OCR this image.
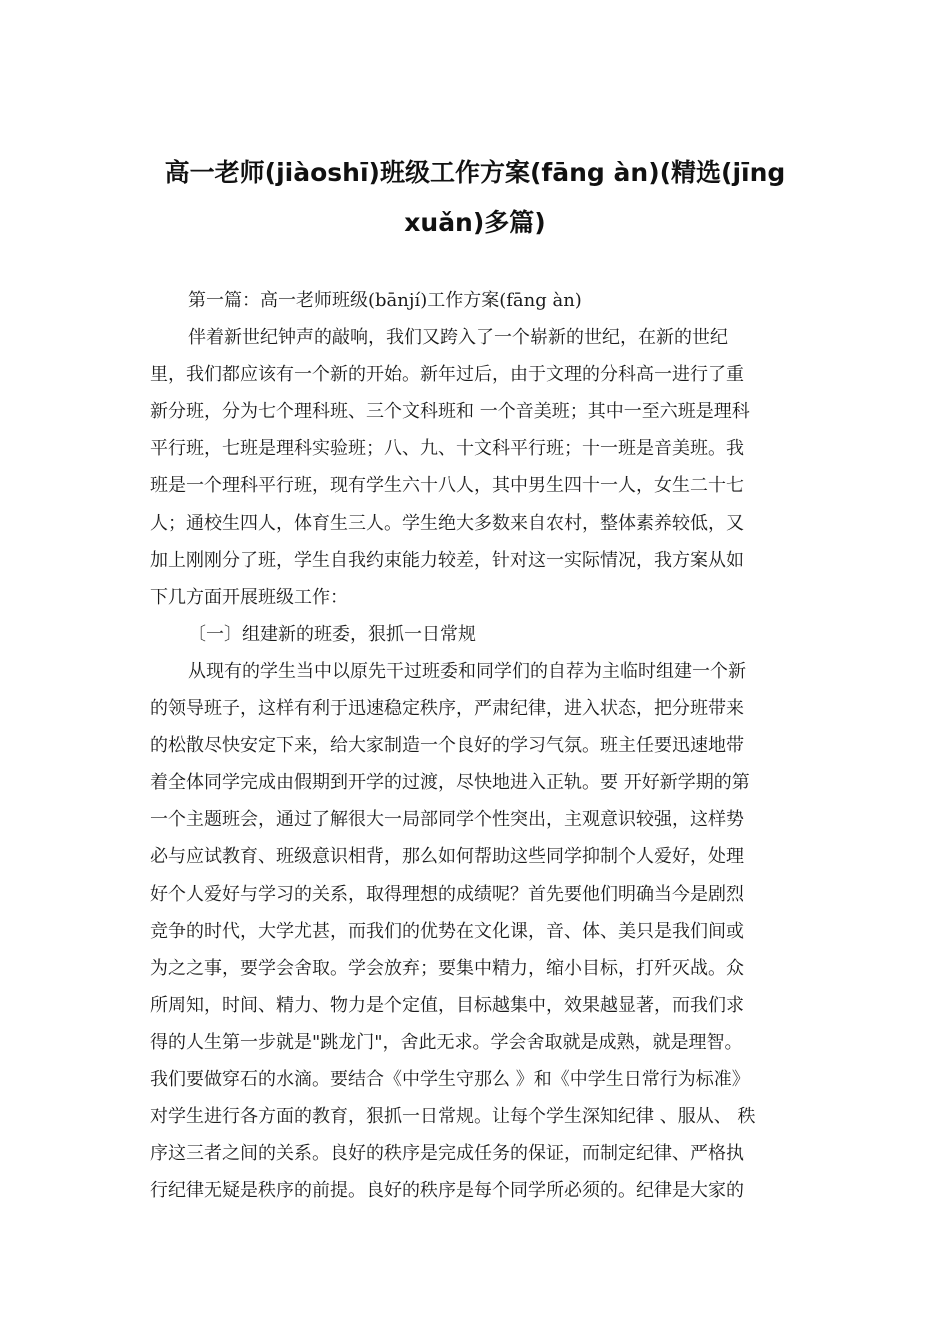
高一老师(jiàoshī)班级工作方案(fāng àn)(精选(jīng
xuǎn)多篇)
第一篇：高一老师班级(bānjí)工作方案(fāng àn)
伴着新世纪钟声的敲响，我们又跨入了一个崭新的世纪，在新的世纪
里，我们都应该有一个新的开始。新年过后，由于文理的分科高一进行了重
新分班，分为七个理科班、三个文科班和 一个音美班；其中一至六班是理科
平行班，七班是理科实验班；八、九、十文科平行班；十一班是音美班。我
班是一个理科平行班，现有学生六十八人，其中男生四十一人，女生二十七
人；通校生四人，体育生三人。学生绝大多数来自农村，整体素养较低，又
加上刚刚分了班，学生自我约束能力较差，针对这一实际情况，我方案从如
下几方面开展班级工作：
〔一〕组建新的班委，狠抓一日常规
从现有的学生当中以原先干过班委和同学们的自荐为主临时组建一个新
的领导班子，这样有利于迅速稳定秩序，严肃纪律，进入状态，把分班带来
的松散尽快安定下来，给大家制造一个良好的学习气氛。班主任要迅速地带
着全体同学完成由假期到开学的过渡，尽快地进入正轨。要 开好新学期的第
一个主题班会，通过了解很大一局部同学个性突出，主观意识较强，这样势
必与应试教育、班级意识相背，那么如何帮助这些同学抑制个人爱好，处理
好个人爱好与学习的关系，取得理想的成绩呢？首先要他们明确当今是剧烈
竞争的时代，大学尤甚，而我们的优势在文化课，音、体、美只是我们间或
为之之事，要学会舍取。学会放弃；要集中精力，缩小目标，打歼灭战。众
所周知，时间、精力、物力是个定值，目标越集中，效果越显著，而我们求
得的人生第一步就是"跳龙门"，舍此无求。学会舍取就是成熟，就是理智。
我们要做穿石的水滴。要结合《中学生守那么 》和《中学生日常行为标准》
对学生进行各方面的教育，狠抓一日常规。让每个学生深知纪律 、服从、 秩
序这三者之间的关系。良好的秩序是完成任务的保证，而制定纪律、严格执
行纪律无疑是秩序的前提。良好的秩序是每个同学所必须的。纪律是大家的
